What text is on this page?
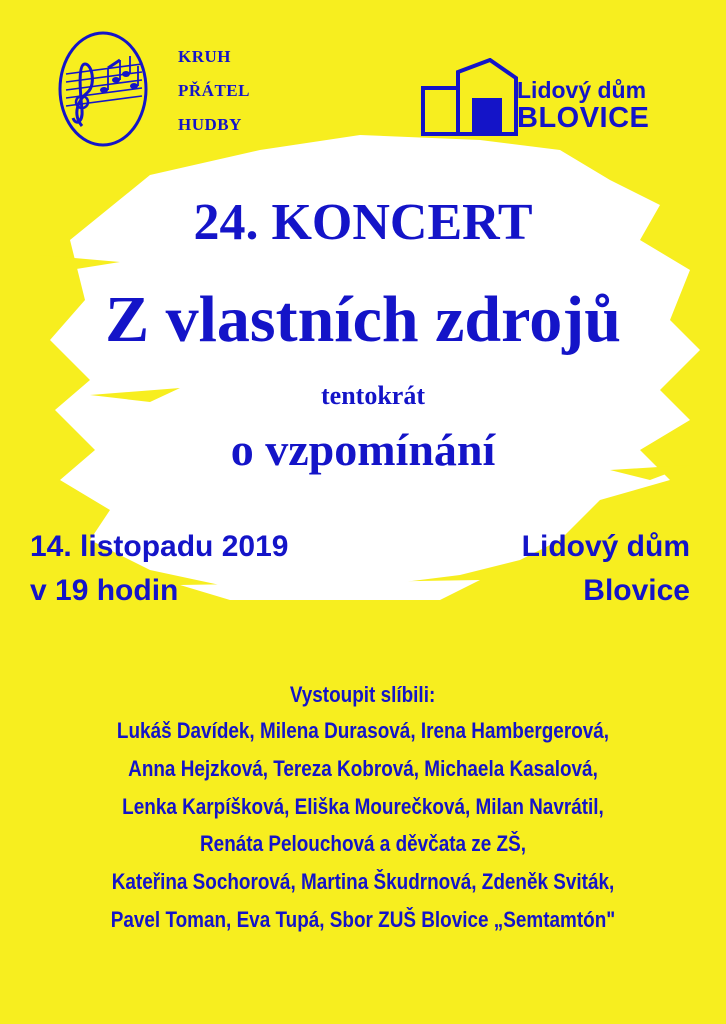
KRUH
PŘÁTEL
HUDBY
Lidový dům
BLOVICE
24. KONCERT
Z vlastních zdrojů
tentokrát
o vzpomínání
14. listopadu 2019
v 19 hodin
Lidový dům
Blovice
Vystoupit slíbili:
Lukáš Davídek, Milena Durasová, Irena Hambergerová,
Anna Hejzková, Tereza Kobrová, Michaela Kasalová,
Lenka Karpíšková, Eliška Mourečková, Milan Navrátil,
Renáta Pelouchová a děvčata ze ZŠ,
Kateřina Sochorová, Martina Škudrnová, Zdeněk Sviták,
Pavel Toman, Eva Tupá, Sbor ZUŠ Blovice „Semtamtón"
